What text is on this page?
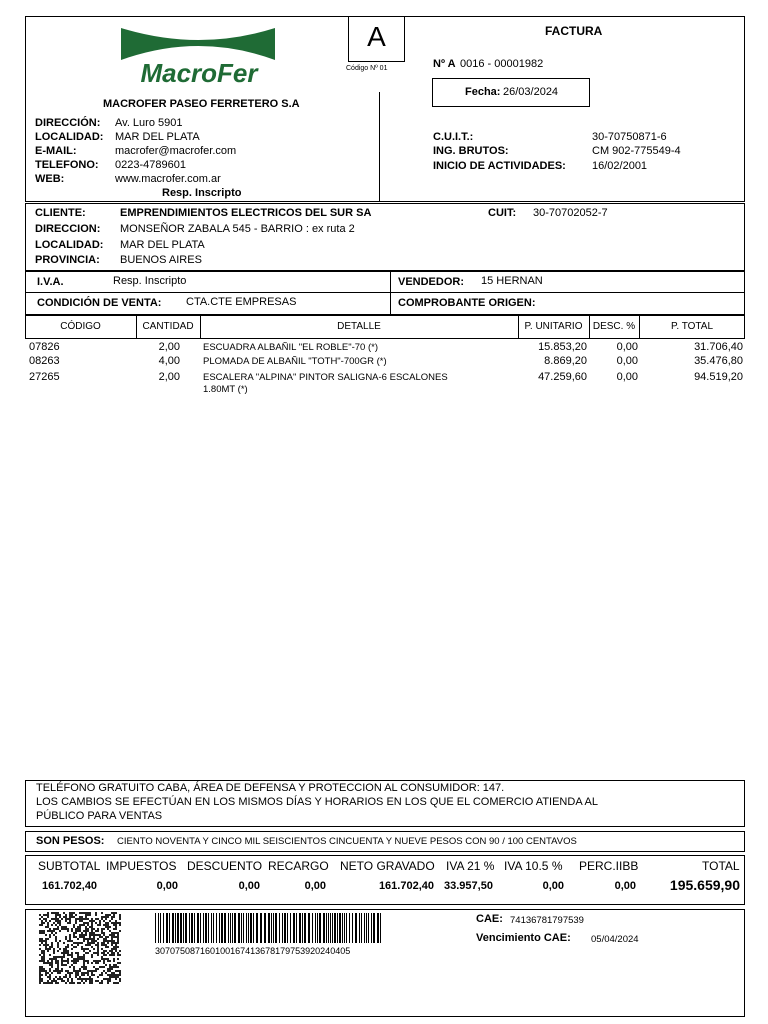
MacroFer
A
Código Nº 01
FACTURA
Nº A 0016 - 00001982
Fecha: 26/03/2024
MACROFER PASEO FERRETERO S.A
DIRECCIÓN: Av. Luro 5901
LOCALIDAD: MAR DEL PLATA
E-MAIL:	macrofer@macrofer.com
TELEFONO: 0223-4789601
WEB:	www.macrofer.com.ar
Resp. Inscripto
C.U.I.T.:	30-70750871-6
ING. BRUTOS:	CM 902-775549-4
INICIO DE ACTIVIDADES: 16/02/2001
CLIENTE:	EMPRENDIMIENTOS ELECTRICOS DEL SUR SA	CUIT: 30-70702052-7
DIRECCION: MONSEÑOR ZABALA 545 - BARRIO : ex ruta 2
LOCALIDAD: MAR DEL PLATA
PROVINCIA: BUENOS AIRES
I.V.A.	Resp. Inscripto	VENDEDOR: 15 HERNAN
CONDICIÓN DE VENTA: CTA.CTE EMPRESAS	COMPROBANTE ORIGEN:
CÓDIGO	CANTIDAD	DETALLE	P. UNITARIO	DESC. %	P. TOTAL
07826	2,00 ESCUADRA ALBAÑIL "EL ROBLE"-70 (*)	15.853,20	0,00	31.706,40
08263	4,00 PLOMADA DE ALBAÑIL "TOTH"-700GR (*)	8.869,20	0,00	35.476,80
27265	2,00 ESCALERA "ALPINA" PINTOR SALIGNA-6 ESCALONES
1.80MT (*)
47.259,60	0,00	94.519,20
TELÉFONO GRATUITO CABA, ÁREA DE DEFENSA Y PROTECCION AL CONSUMIDOR: 147.
LOS CAMBIOS SE EFECTÚAN EN LOS MISMOS DÍAS Y HORARIOS EN LOS QUE EL COMERCIO ATIENDA AL
PÚBLICO PARA VENTAS
SON PESOS: CIENTO NOVENTA Y CINCO MIL SEISCIENTOS CINCUENTA Y NUEVE PESOS CON 90 / 100 CENTAVOS
SUBTOTAL IMPUESTOS DESCUENTO RECARGO NETO GRAVADO IVA 21 % IVA 10.5 % PERC.IIBB	TOTAL
161.702,40	0,00	0,00	0,00	161.702,40 33.957,50	0,00	0,00	195.659,90
30707508716010016741367817975392024040​5
CAE: 74136781797539
Vencimiento CAE: 05/04/2024
